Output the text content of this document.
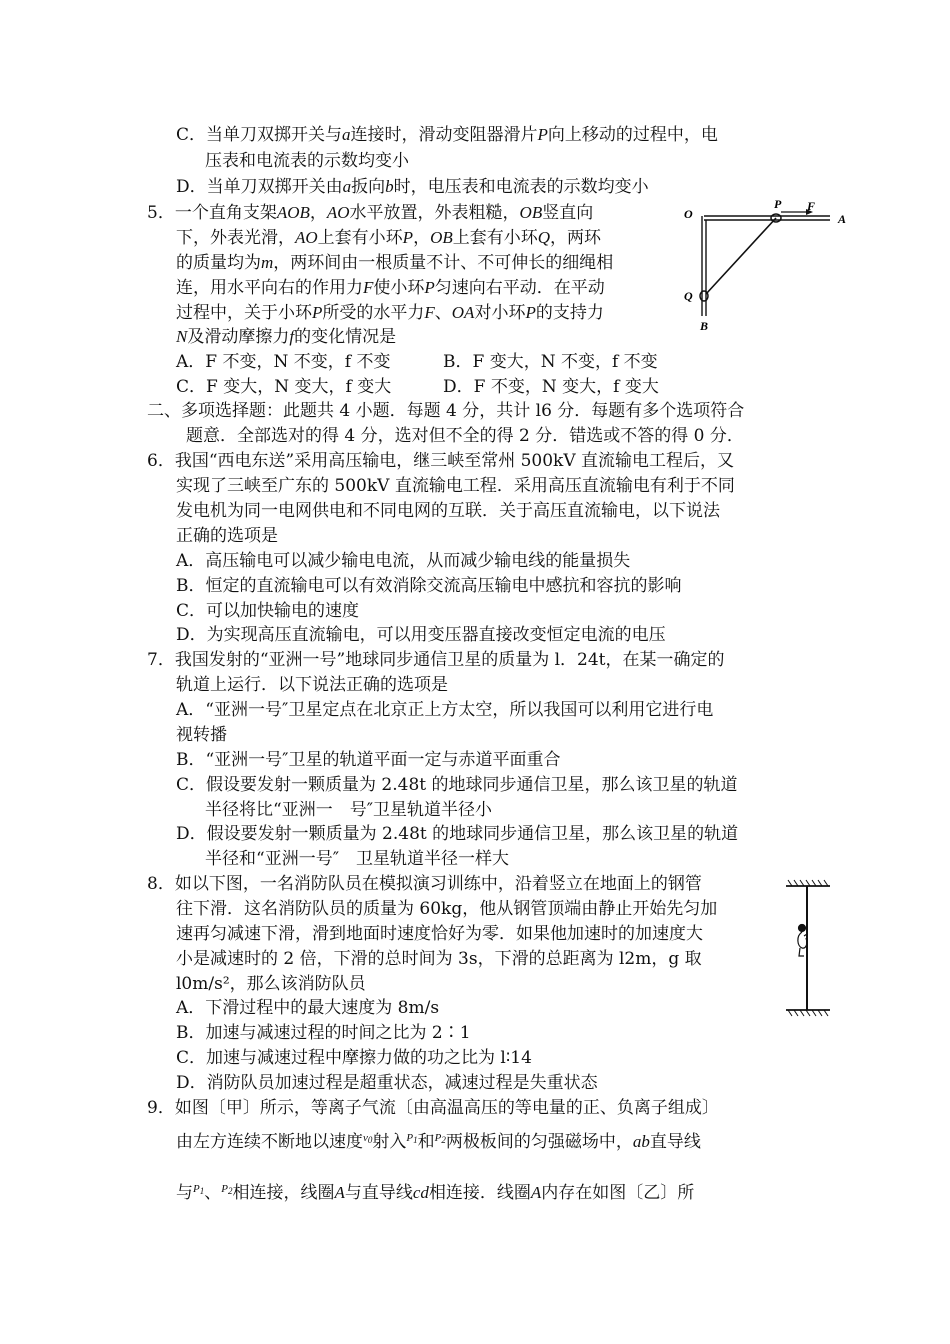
C．当单刀双掷开关与a连接时，滑动变阻器滑片P向上移动的过程中，电
压表和电流表的示数均变小
D．当单刀双掷开关由a扳向b时，电压表和电流表的示数均变小
5．一个直角支架AOB，AO水平放置，外表粗糙，OB竖直向
下，外表光滑，AO上套有小环P，OB上套有小环Q，两环
的质量均为m，两环间由一根质量不计、不可伸长的细绳相
连，用水平向右的作用力F使小环P匀速向右平动．在平动
过程中，关于小环P所受的水平力F、OA对小环P的支持力
N及滑动摩擦力f的变化情况是
A．F 不变，N 不变，f 不变	B．F 变大，N 不变，f 不变
C．F 变大，N 变大，f 变大	D．F 不变，N 变大，f 变大
O
P F
A
Q
B
二、多项选择题：此题共 4 小题．每题 4 分，共计 l6 分．每题有多个选项符合
题意．全部选对的得 4 分，选对但不全的得 2 分．错选或不答的得 0 分．
6．我国“西电东送”采用高压输电，继三峡至常州 500kV 直流输电工程后，又
实现了三峡至广东的 500kV 直流输电工程．采用高压直流输电有利于不同
发电机为同一电网供电和不同电网的互联．关于高压直流输电，以下说法
正确的选项是
A．高压输电可以减少输电电流，从而减少输电线的能量损失
B．恒定的直流输电可以有效消除交流高压输电中感抗和容抗的影响
C．可以加快输电的速度
D．为实现高压直流输电，可以用变压器直接改变恒定电流的电压
7．我国发射的“亚洲一号”地球同步通信卫星的质量为 l．24t，在某一确定的
轨道上运行．以下说法正确的选项是
A．“亚洲一号″卫星定点在北京正上方太空，所以我国可以利用它进行电
视转播
B．“亚洲一号″卫星的轨道平面一定与赤道平面重合
C．假设要发射一颗质量为 2.48t 的地球同步通信卫星，那么该卫星的轨道
半径将比“亚洲一　号″卫星轨道半径小
D．假设要发射一颗质量为 2.48t 的地球同步通信卫星，那么该卫星的轨道
半径和“亚洲一号″　卫星轨道半径一样大
8．如以下图，一名消防队员在模拟演习训练中，沿着竖立在地面上的钢管
往下滑．这名消防队员的质量为 60kg，他从钢管顶端由静止开始先匀加
速再匀减速下滑，滑到地面时速度恰好为零．如果他加速时的加速度大
小是减速时的 2 倍，下滑的总时间为 3s，下滑的总距离为 l2m，g 取
l0m/s²，那么该消防队员
A．下滑过程中的最大速度为 8m/s
B．加速与减速过程的时间之比为 2∶1
C．加速与减速过程中摩擦力做的功之比为 l∶14
D．消防队员加速过程是超重状态，减速过程是失重状态
9．如图〔甲〕所示，等离子气流〔由高温高压的等电量的正、负离子组成〕
由左方连续不断地以速度$^{v_0}$射入$^{P_1}$和$^{P_2}$两极板间的匀强磁场中，ab直导线
与$^{P_1}$、$^{P_2}$相连接，线圈A与直导线cd相连接．线圈A内存在如图〔乙〕所
